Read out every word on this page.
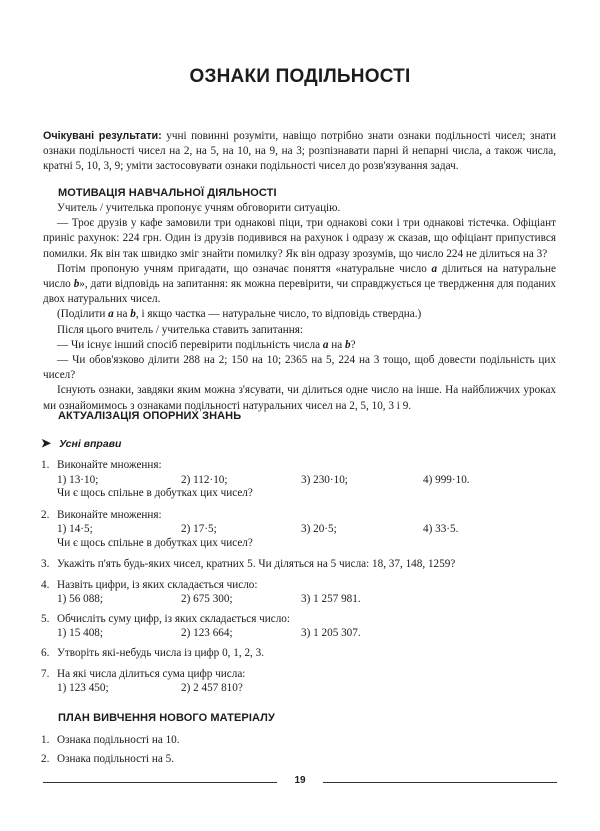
ОЗНАКИ ПОДІЛЬНОСТІ

Очікувані результати: учні повинні розуміти, навіщо потрібно знати ознаки подільності чисел; знати ознаки подільності чисел на 2, на 5, на 10, на 9, на 3; розпізнавати парні й непарні числа, а також числа, кратні 5, 10, 3, 9; уміти застосовувати ознаки подільності чисел до розв'язування задач.

МОТИВАЦІЯ НАВЧАЛЬНОЇ ДІЯЛЬНОСТІ

Учитель / учителька пропонує учням обговорити ситуацію.

— Троє друзів у кафе замовили три однакові піци, три однакові соки і три однакові тістечка. Офіціант приніс рахунок: 224 грн. Один із друзів подивився на рахунок і одразу ж сказав, що офіціант припустився помилки. Як він так швидко зміг знайти помилку? Як він одразу зрозумів, що число 224 не ділиться на 3?

Потім пропоную учням пригадати, що означає поняття «натуральне число a ділиться на натуральне число b», дати відповідь на запитання: як можна перевірити, чи справджується це твердження для поданих двох натуральних чисел.

(Поділити a на b, і якщо частка — натуральне число, то відповідь ствердна.)

Після цього вчитель / учителька ставить запитання:

— Чи існує інший спосіб перевірити подільність числа a на b?

— Чи обов'язково ділити 288 на 2; 150 на 10; 2365 на 5, 224 на 3 тощо, щоб довести подільність цих чисел?

Існують ознаки, завдяки яким можна з'ясувати, чи ділиться одне число на інше. На найближчих уроках ми ознайомимось з ознаками подільності натуральних чисел на 2, 5, 10, 3 і 9.

АКТУАЛІЗАЦІЯ ОПОРНИХ ЗНАНЬ
➤ Усні вправи
1. Виконайте множення:
1) 13·10;	2) 112·10;	3) 230·10;	4) 999·10.
Чи є щось спільне в добутках цих чисел?
2. Виконайте множення:
1) 14·5;	2) 17·5;	3) 20·5;	4) 33·5.
Чи є щось спільне в добутках цих чисел?
3. Укажіть п'ять будь-яких чисел, кратних 5. Чи діляться на 5 числа: 18, 37, 148, 1259?
4. Назвіть цифри, із яких складається число:
1) 56 088;	2) 675 300;	3) 1 257 981.
5. Обчисліть суму цифр, із яких складається число:
1) 15 408;	2) 123 664;	3) 1 205 307.
6. Утворіть які-небудь числа із цифр 0, 1, 2, 3.
7. На які числа ділиться сума цифр числа:
1) 123 450;	2) 2 457 810?
ПЛАН ВИВЧЕННЯ НОВОГО МАТЕРІАЛУ
1. Ознака подільності на 10.
2. Ознака подільності на 5.
19
